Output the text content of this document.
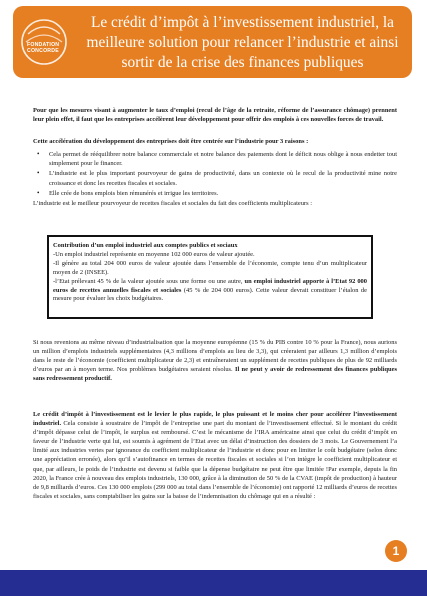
FONDATION
CONCORDE
Le crédit d’impôt à l’investissement industriel, la meilleure solution pour relancer l’industrie et ainsi sortir de la crise des finances publiques

Pour que les mesures visant à augmenter le taux d’emploi (recul de l’âge de la retraite, réforme de l’assurance chômage) prennent leur plein effet, il faut que les entreprises accélèrent leur développement pour offrir des emplois à ces nouvelles forces de travail.

Cette accélération du développement des entreprises doit être centrée sur l’industrie pour 3 raisons :

• Cela permet de rééquilibrer notre balance commerciale et notre balance des paiements dont le déficit nous oblige à nous endetter tout simplement pour le financer.
• L’industrie est le plus important pourvoyeur de gains de productivité, dans un contexte où le recul de la productivité mine notre croissance et donc les recettes fiscales et sociales.
• Elle crée de bons emplois bien rémunérés et irrigue les territoires.

L’industrie est le meilleur pourvoyeur de recettes fiscales et sociales du fait des coefficients multiplicateurs :

Contribution d’un emploi industriel aux comptes publics et sociaux

-Un emploi industriel représente en moyenne 102 000 euros de valeur ajoutée.

-Il génère au total 204 000 euros de valeur ajoutée dans l’ensemble de l’économie, compte tenu d’un multiplicateur moyen de 2 (INSEE).

-l’Etat prélevant 45 % de la valeur ajoutée sous une forme ou une autre, un emploi industriel apporte à l’Etat 92 000 euros de recettes annuelles fiscales et sociales (45 % de 204 000 euros). Cette valeur devrait constituer l’étalon de mesure pour évaluer les choix budgétaires.

Si nous revenions au même niveau d’industrialisation que la moyenne européenne (15 % du PIB contre 10 % pour la France), nous aurions un million d’emplois industriels supplémentaires (4,3 millions d’emplois au lieu de 3,3), qui créeraient par ailleurs 1,3 million d’emplois dans le reste de l’économie (coefficient multiplicateur de 2,3) et entraîneraient un supplément de recettes publiques de plus de 92 milliards d’euros par an à moyen terme. Nos problèmes budgétaires seraient résolus. Il ne peut y avoir de redressement des finances publiques sans redressement productif.

Le crédit d’impôt à l’investissement est le levier le plus rapide, le plus puissant et le moins cher pour accélérer l’investissement industriel. Cela consiste à soustraire de l’impôt de l’entreprise une part du montant de l’investissement effectué. Si le montant du crédit d’impôt dépasse celui de l’impôt, le surplus est remboursé. C’est le mécanisme de l’IRA américaine ainsi que celui du crédit d’impôt en faveur de l’industrie verte qui lui, est soumis à agrément de l’Etat avec un délai d’instruction des dossiers de 3 mois. Le Gouvernement l’a limité aux industries vertes par ignorance du coefficient multiplicateur de l’industrie et donc pour en limiter le coût budgétaire (selon donc une appréciation erronée), alors qu’il s’autofinance en termes de recettes fiscales et sociales si l’on intègre le coefficient multiplicateur et que, par ailleurs, le poids de l’industrie est devenu si faible que la dépense budgétaire ne peut être que limitée !Par exemple, depuis la fin 2020, la France crée à nouveau des emplois industriels, 130 000, grâce à la diminution de 50 % de la CVAE (impôt de production) à hauteur de 9,8 milliards d’euros. Ces 130 000 emplois (299 000 au total dans l’ensemble de l’économie) ont rapporté 12 milliards d’euros de recettes fiscales et sociales, sans comptabiliser les gains sur la baisse de l’indemnisation du chômage qui en a résulté :

1
